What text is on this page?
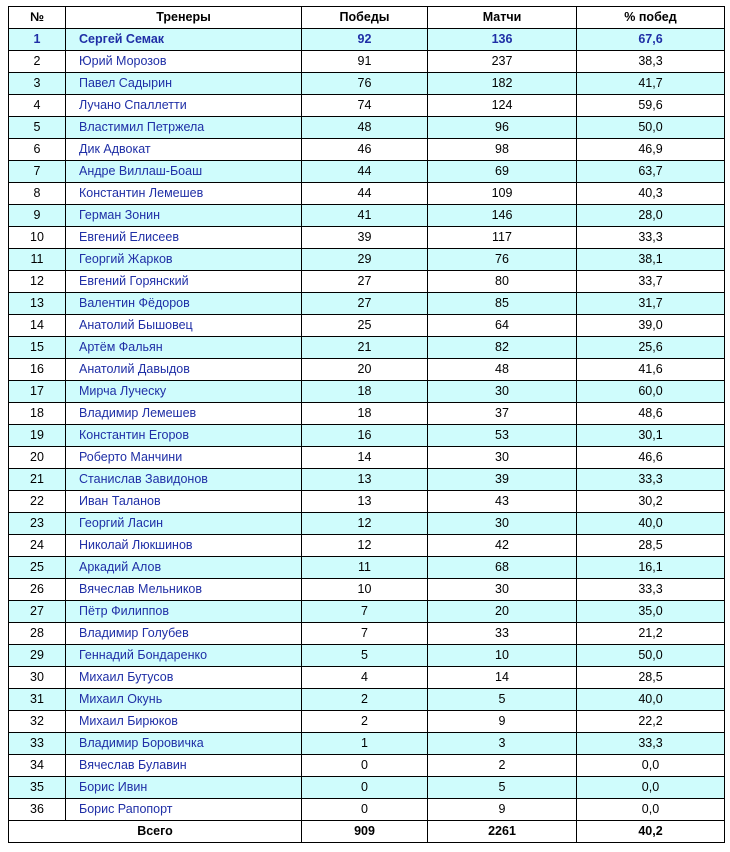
№	Тренеры	Победы	Матчи	% побед
1	Сергей Семак	92	136	67,6
2	Юрий Морозов	91	237	38,3
3	Павел Садырин	76	182	41,7
4	Лучано Спаллетти	74	124	59,6
5	Властимил Петржела	48	96	50,0
6	Дик Адвокат	46	98	46,9
7	Андре Виллаш-Боаш	44	69	63,7
8	Константин Лемешев	44	109	40,3
9	Герман Зонин	41	146	28,0
10	Евгений Елисеев	39	117	33,3
11	Георгий Жарков	29	76	38,1
12	Евгений Горянский	27	80	33,7
13	Валентин Фёдоров	27	85	31,7
14	Анатолий Бышовец	25	64	39,0
15	Артём Фальян	21	82	25,6
16	Анатолий Давыдов	20	48	41,6
17	Мирча Луческу	18	30	60,0
18	Владимир Лемешев	18	37	48,6
19	Константин Егоров	16	53	30,1
20	Роберто Манчини	14	30	46,6
21	Станислав Завидонов	13	39	33,3
22	Иван Таланов	13	43	30,2
23	Георгий Ласин	12	30	40,0
24	Николай Люкшинов	12	42	28,5
25	Аркадий Алов	11	68	16,1
26	Вячеслав Мельников	10	30	33,3
27	Пётр Филиппов	7	20	35,0
28	Владимир Голубев	7	33	21,2
29	Геннадий Бондаренко	5	10	50,0
30	Михаил Бутусов	4	14	28,5
31	Михаил Окунь	2	5	40,0
32	Михаил Бирюков	2	9	22,2
33	Владимир Боровичка	1	3	33,3
34	Вячеслав Булавин	0	2	0,0
35	Борис Ивин	0	5	0,0
36	Борис Рапопорт	0	9	0,0
Всего		909	2261	40,2
